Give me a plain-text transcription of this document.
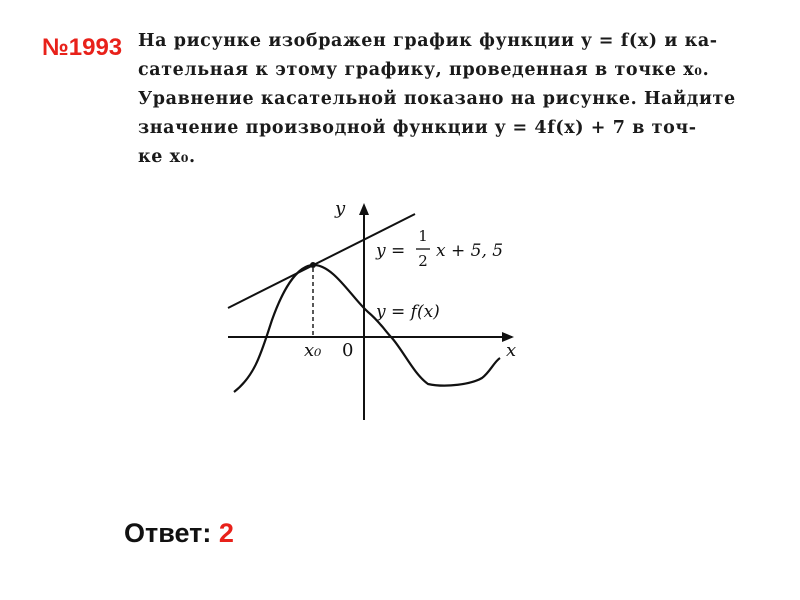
№1993 На рисунке изображен график функции y = f(x) и ка-
сательная к этому графику, проведенная в точке x₀.
Уравнение касательной показано на рисунке. Найдите
значение производной функции y = 4f(x) + 7 в точ-
ке x₀.
y
x
0
x₀
y =
1
2 x + 5, 5
y = f(x)
Ответ: 2
